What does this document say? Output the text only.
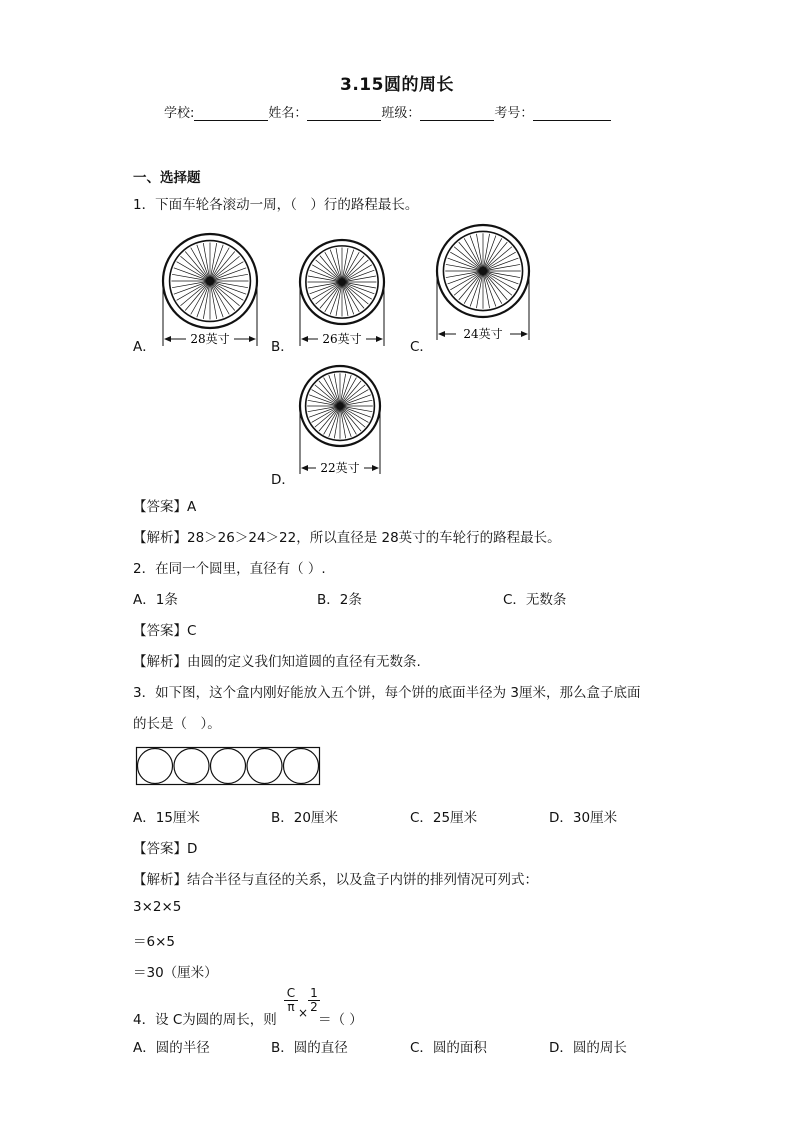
3.15圆的周长
学校:	姓名：	班级：	考号：
一、选择题
1．下面车轮各滚动一周，（　）行的路程最长。
A．	B．	C．
D．
28英寸	26英寸	24英寸
22英寸
【答案】A
【解析】28＞26＞24＞22，所以直径是 28英寸的车轮行的路程最长。
2．在同一个圆里，直径有（ ）.
A．1条	B．2条	C．无数条
【答案】C
【解析】由圆的定义我们知道圆的直径有无数条.
3．如下图，这个盒内刚好能放入五个饼，每个饼的底面半径为 3厘米，那么盒子底面
的长是（　）。
A．15厘米	B．20厘米	C．25厘米	D．30厘米
【答案】D
【解析】结合半径与直径的关系，以及盒子内饼的排列情况可列式：
3×2×5
＝6×5
＝30（厘米）
4．设 C为圆的周长，则
$\frac{C}{\pi} \times \frac{1}{2}$
＝（ ）
A．圆的半径	B．圆的直径	C．圆的面积	D．圆的周长
